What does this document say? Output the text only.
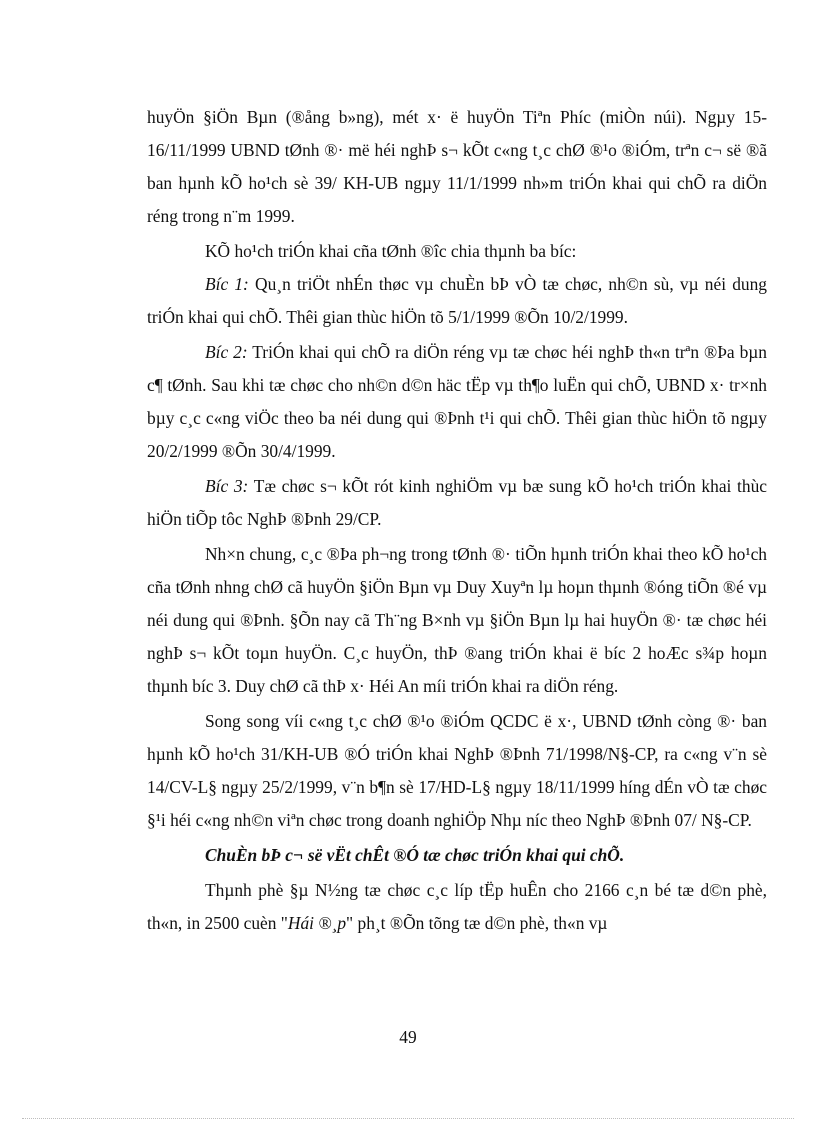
huyÖn §iÖn Bµn (®ång b»ng), mét x· ë huyÖn Tiªn Phíc (miÒn núi). Ngµy 15-16/11/1999 UBND tØnh ®· më héi nghÞ s¬ kÕt c«ng t¸c chØ ®¹o ®iÓm, trªn c¬ së ®ã ban hµnh kÕ ho¹ch sè 39/ KH-UB ngµy 11/1/1999 nh»m triÓn khai qui chÕ ra diÖn réng trong n¨m 1999.

KÕ ho¹ch triÓn khai cña tØnh ®îc chia thµnh ba bíc:

Bíc 1: Qu¸n triÖt nhÉn thøc vµ chuÈn bÞ vÒ tæ chøc, nh©n sù, vµ néi dung triÓn khai qui chÕ. Thêi gian thùc hiÖn tõ 5/1/1999 ®Õn 10/2/1999.

Bíc 2: TriÓn khai qui chÕ ra diÖn réng vµ tæ chøc héi nghÞ th«n trªn ®Þa bµn c¶ tØnh. Sau khi tæ chøc cho nh©n d©n häc tËp vµ th¶o luËn qui chÕ, UBND x· tr×nh bµy c¸c c«ng viÖc theo ba néi dung qui ®Þnh t¹i qui chÕ. Thêi gian thùc hiÖn tõ ngµy 20/2/1999 ®Õn 30/4/1999.

Bíc 3: Tæ chøc s¬ kÕt rót kinh nghiÖm vµ bæ sung kÕ ho¹ch triÓn khai thùc hiÖn tiÕp tôc NghÞ ®Þnh 29/CP.

Nh×n chung, c¸c ®Þa ph¬ng trong tØnh ®· tiÕn hµnh triÓn khai theo kÕ ho¹ch cña tØnh nhng chØ cã huyÖn §iÖn Bµn vµ Duy Xuyªn lµ hoµn thµnh ®óng tiÕn ®é vµ néi dung qui ®Þnh. §Õn nay cã Th¨ng B×nh vµ §iÖn Bµn lµ hai huyÖn ®· tæ chøc héi nghÞ s¬ kÕt toµn huyÖn. C¸c huyÖn, thÞ ®ang triÓn khai ë bíc 2 hoÆc s¾p hoµn thµnh bíc 3. Duy chØ cã thÞ x· Héi An míi triÓn khai ra diÖn réng.

Song song víi c«ng t¸c chØ ®¹o ®iÓm QCDC ë x·, UBND tØnh còng ®· ban hµnh kÕ ho¹ch 31/KH-UB ®Ó triÓn khai NghÞ ®Þnh 71/1998/N§-CP, ra c«ng v¨n sè 14/CV-L§ ngµy 25/2/1999, v¨n b¶n sè 17/HD-L§ ngµy 18/11/1999 híng dÉn vÒ tæ chøc §¹i héi c«ng nh©n viªn chøc trong doanh nghiÖp Nhµ níc theo NghÞ ®Þnh 07/ N§-CP.

ChuÈn bÞ c¬ së vËt chÊt ®Ó tæ chøc triÓn khai qui chÕ.

Thµnh phè §µ N½ng tæ chøc c¸c líp tËp huÊn cho 2166 c¸n bé tæ d©n phè, th«n, in 2500 cuèn "Hái ®¸p" ph¸t ®Õn tõng tæ d©n phè, th«n vµ

49
